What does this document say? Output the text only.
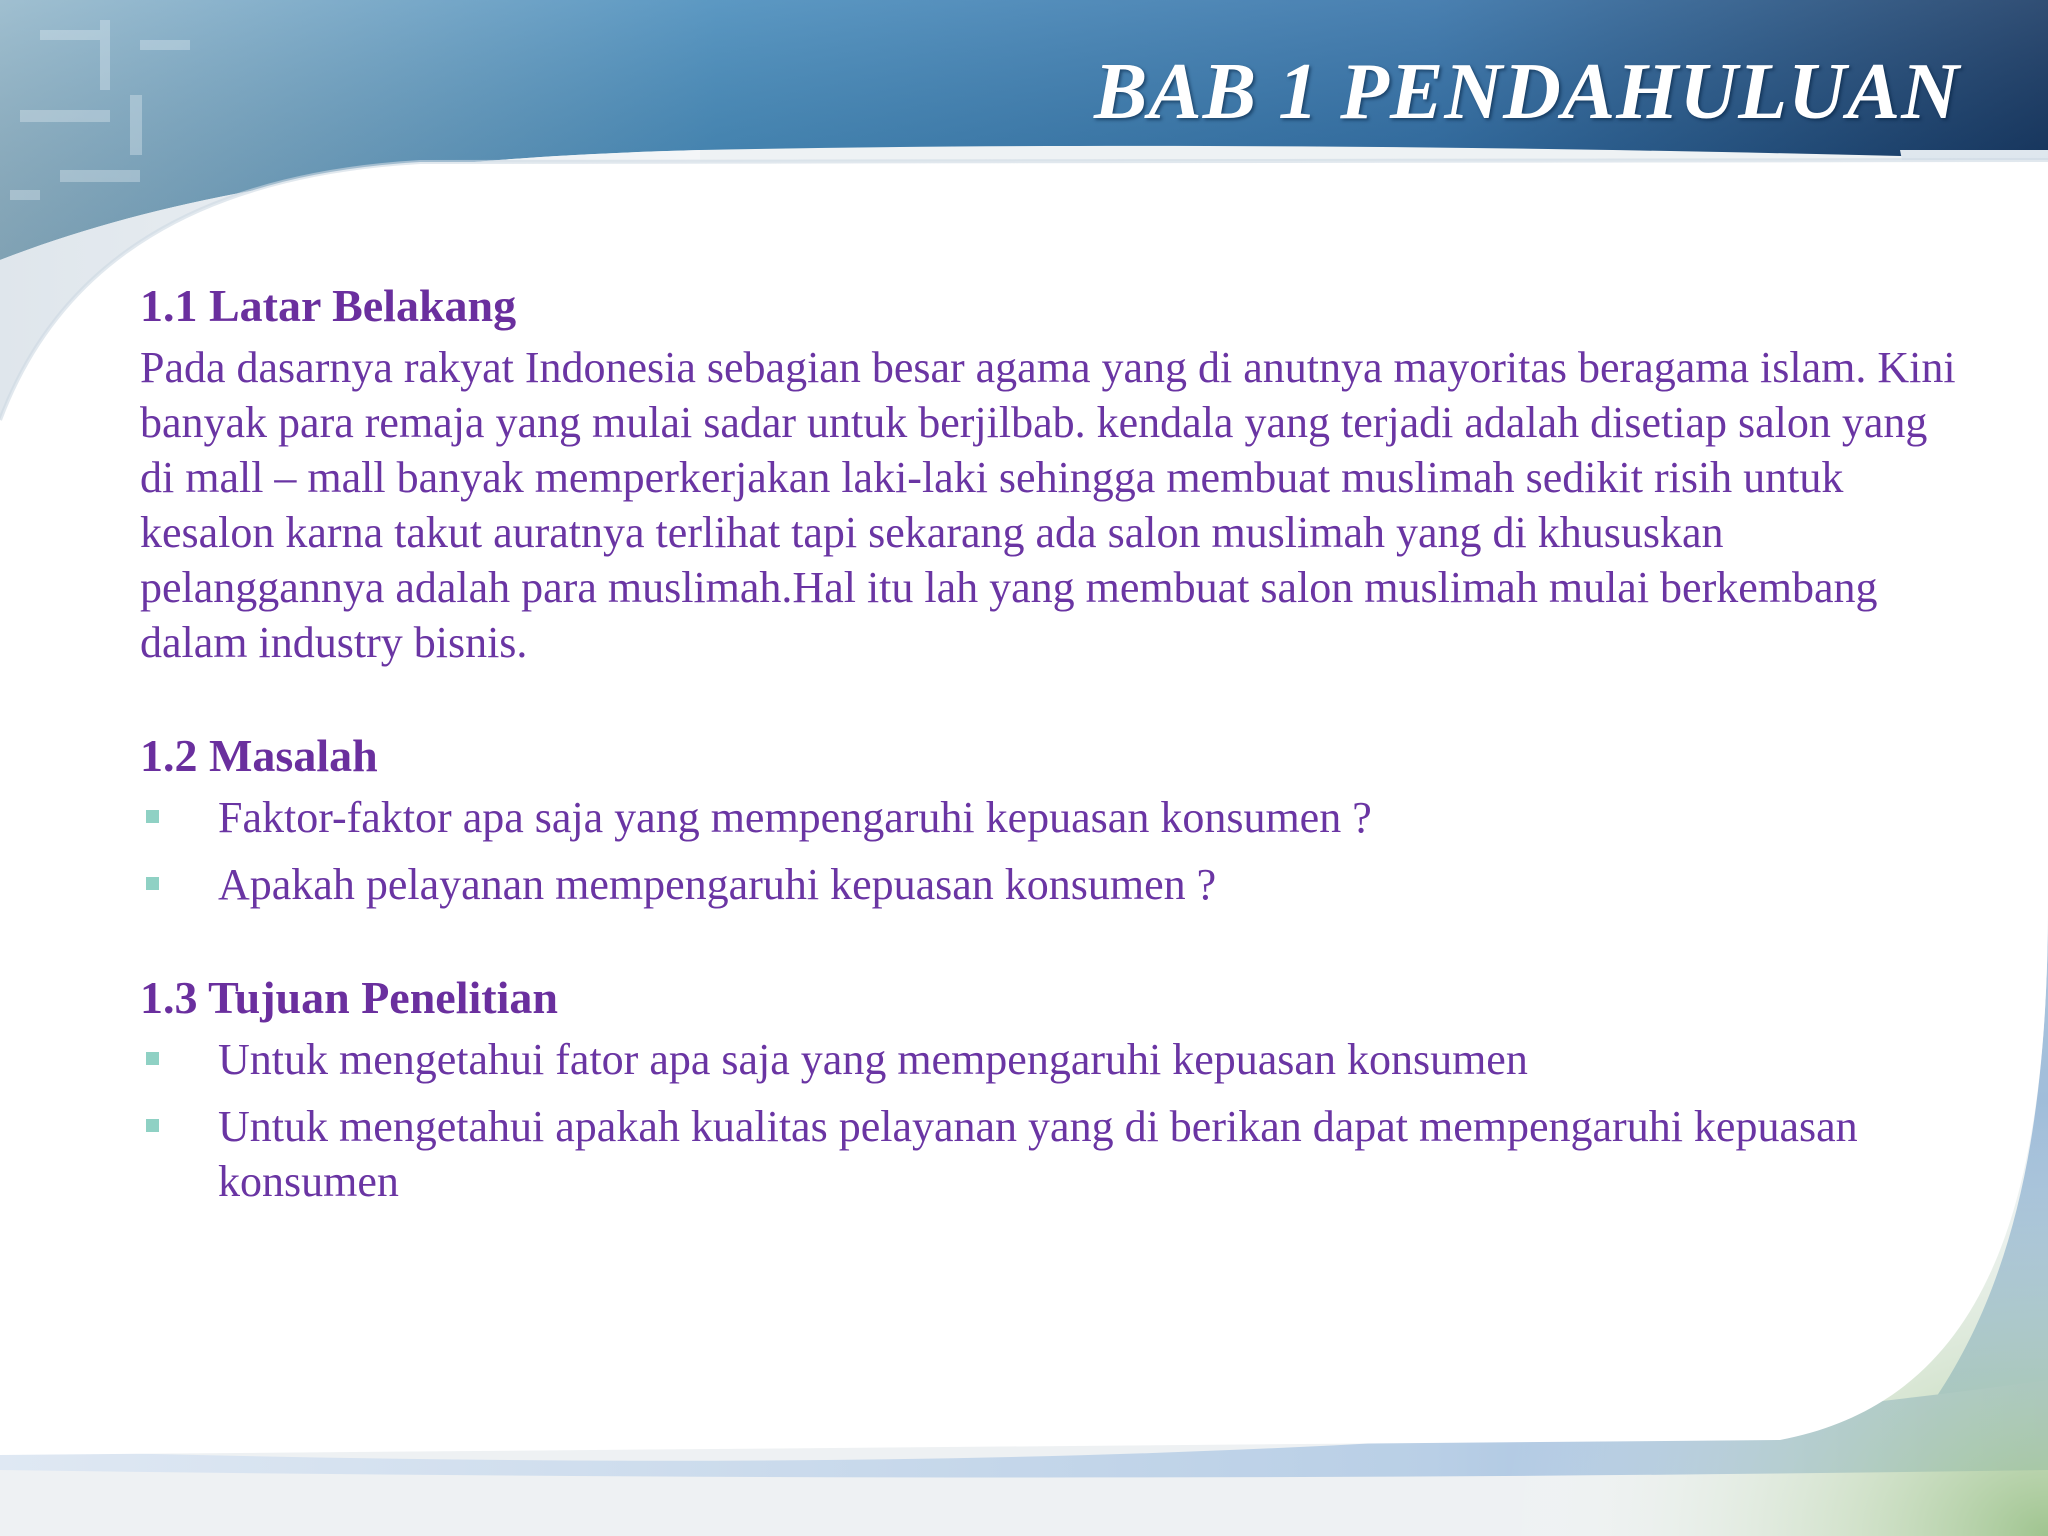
BAB 1 PENDAHULUAN

1.1 Latar Belakang

Pada dasarnya rakyat Indonesia sebagian besar agama yang di anutnya mayoritas beragama islam. Kini banyak para remaja yang mulai sadar untuk berjilbab. kendala yang terjadi adalah disetiap salon yang di mall – mall banyak memperkerjakan laki-laki sehingga membuat muslimah sedikit risih untuk kesalon karna takut auratnya terlihat tapi sekarang ada salon muslimah yang di khususkan pelanggannya adalah para muslimah.Hal itu lah yang membuat salon muslimah mulai berkembang dalam industry bisnis.

1.2 Masalah

Faktor-faktor apa saja yang mempengaruhi kepuasan konsumen ?
Apakah pelayanan mempengaruhi kepuasan konsumen ?

1.3 Tujuan Penelitian

Untuk mengetahui fator apa saja yang mempengaruhi kepuasan konsumen
Untuk mengetahui apakah kualitas pelayanan yang di berikan dapat mempengaruhi kepuasan konsumen
